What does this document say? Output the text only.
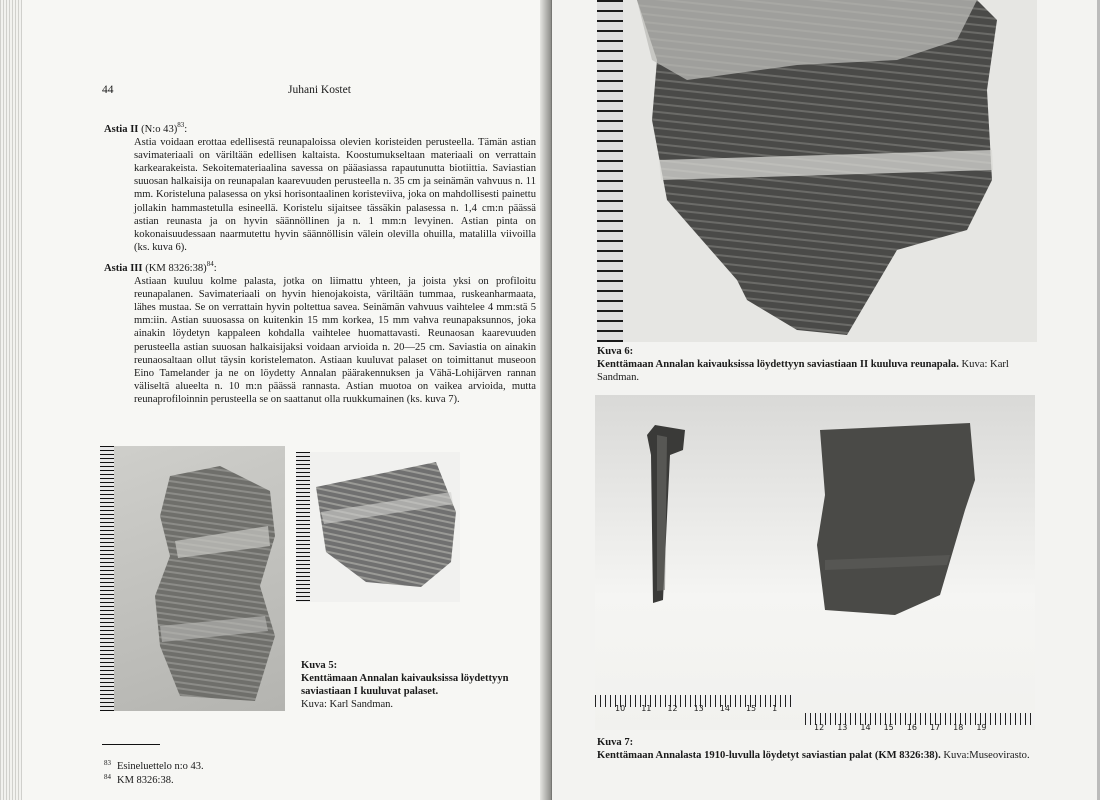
44	Juhani Kostet
Astia II (N:o 43)$^{83}$:

Astia voidaan erottaa edellisestä reunapaloissa olevien koristeiden perusteella. Tämän astian savimateriaali on väriltään edellisen kaltaista. Koostumukseltaan materiaali on verrattain karkearakeista. Sekoitemateriaalina savessa on pääasiassa rapautunutta biotiittia. Saviastian suuosan halkaisija on reunapalan kaarevuuden perusteella n. 35 cm ja seinämän vahvuus n. 11 mm. Koristeluna palasessa on yksi horisontaalinen koristeviiva, joka on mahdollisesti painettu jollakin hammastetulla esineellä. Koristelu sijaitsee tässäkin palasessa n. 1,4 cm:n päässä astian reunasta ja on hyvin säännöllinen ja n. 1 mm:n levyinen. Astian pinta on kokonaisuudessaan naarmutettu hyvin säännöllisin välein olevilla ohuilla, matalilla viivoilla (ks. kuva 6).

Astia III (KM 8326:38)$^{84}$:

Astiaan kuuluu kolme palasta, jotka on liimattu yhteen, ja joista yksi on profiloitu reunapalanen. Savimateriaali on hyvin hienojakoista, väriltään tummaa, ruskeanharmaata, lähes mustaa. Se on verrattain hyvin poltettua savea. Seinämän vahvuus vaihtelee 4 mm:stä 5 mm:iin. Astian suuosassa on kuitenkin 15 mm korkea, 15 mm vahva reunapaksunnos, joka ainakin löydetyn kappaleen kohdalla vaihtelee huomattavasti. Reunaosan kaarevuuden perusteella astian suuosan halkaisijaksi voidaan arvioida n. 20—25 cm. Saviastia on ainakin reunaosaltaan ollut täysin koristelematon. Astiaan kuuluvat palaset on toimittanut museoon Eino Tamelander ja ne on löydetty Annalan päärakennuksen ja Vähä-Lohijärven rannan väliseltä alueelta n. 10 m:n päässä rannasta. Astian muotoa on vaikea arvioida, mutta reunaprofiloinnin perusteella se on saattanut olla ruukkumainen (ks. kuva 7).

Kuva 5:
Kenttämaan Annalan kaivauksissa löydettyyn saviastiaan I kuuluvat palaset.
Kuva: Karl Sandman.
$^{83}$ Esineluettelo n:o 43.
$^{84}$ KM 8326:38.
Kuva 6:
Kenttämaan Annalan kaivauksissa löydettyyn saviastiaan II kuuluva reunapala. Kuva: Karl Sandman.
10 11 12 13 14 15 1
12 13 14 15 16 17 18 19
Kuva 7:
Kenttämaan Annalasta 1910-luvulla löydetyt saviastian palat (KM 8326:38). Kuva:Museovirasto.
